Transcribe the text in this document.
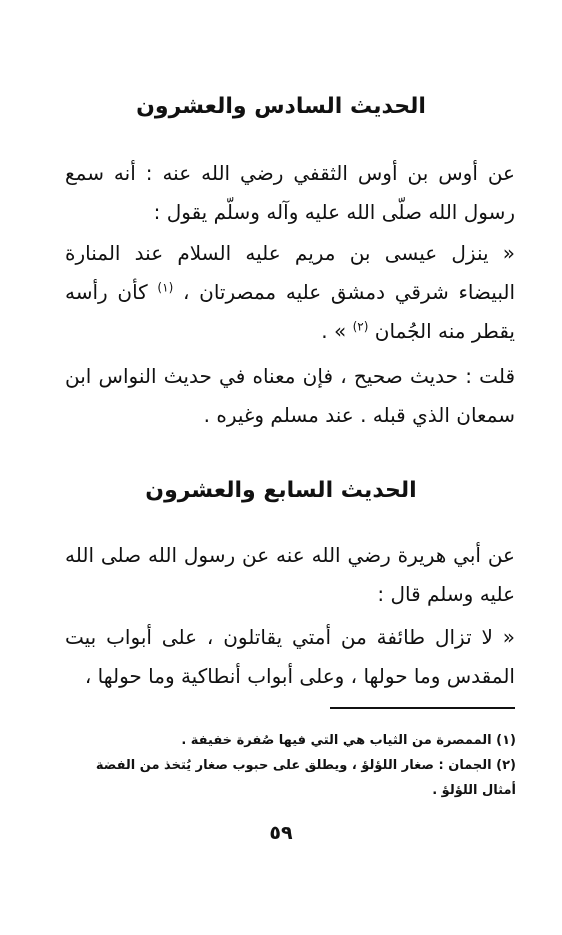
الحديث السادس والعشرون

عن أوس بن أوس الثقفي رضي الله عنه : أنه سمع رسول الله صلّى الله عليه وآله وسلّم يقول :

« ينزل عيسى بن مريم عليه السلام عند المنارة البيضاء شرقي دمشق عليه ممصرتان ، $^{(١)}$ كأن رأسه يقطر منه الجُمان $^{(٢)}$ » .

قلت : حديث صحيح ، فإن معناه في حديث النواس ابن سمعان الذي قبله . عند مسلم وغيره .

الحديث السابع والعشرون

عن أبي هريرة رضي الله عنه عن رسول الله صلى الله عليه وسلم قال :

« لا تزال طائفة من أمتي يقاتلون ، على أبواب بيت المقدس وما حولها ، وعلى أبواب أنطاكية وما حولها ،

(١) الممصرة من الثياب هي التي فيها صُفرة خفيفة .

(٢) الجمان : صغار اللؤلؤ ، ويطلق على حبوب صغار يُتخذ من الفضة أمثال اللؤلؤ .

٥٩
